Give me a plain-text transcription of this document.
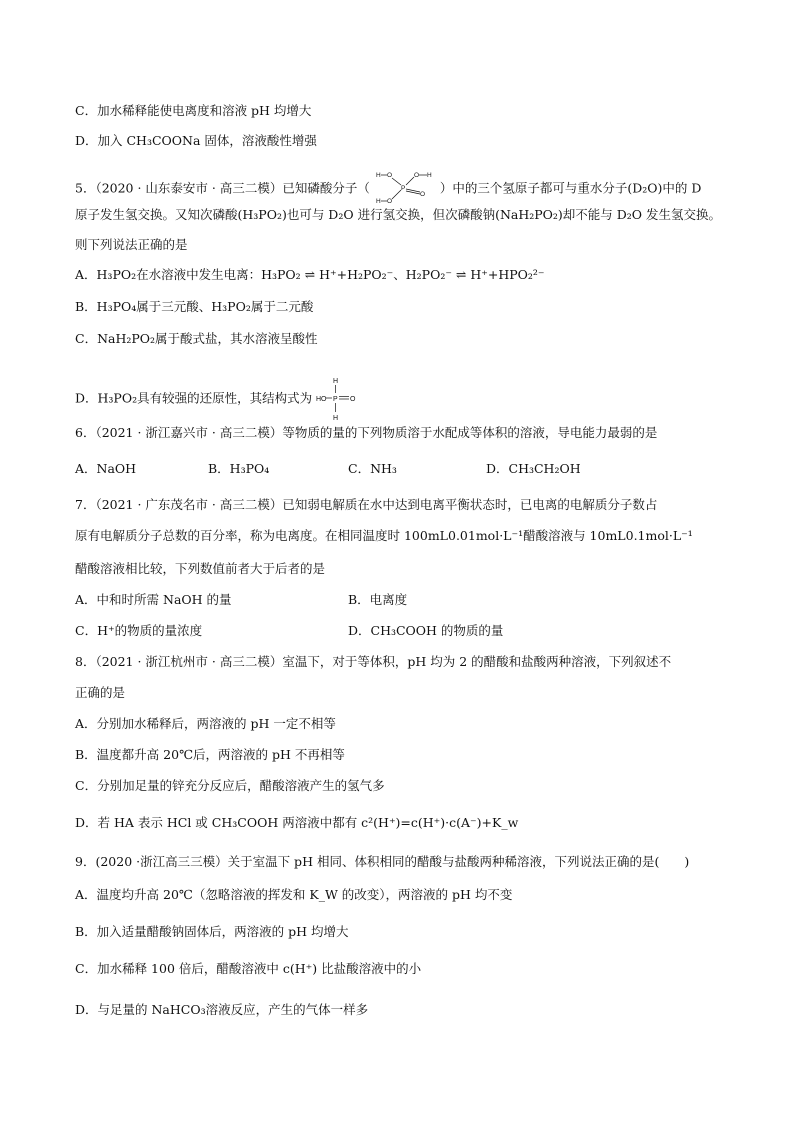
C．加水稀释能使电离度和溶液 pH 均增大
D．加入 CH₃COONa 固体，溶液酸性增强
5．（2020 · 山东泰安市 · 高三二模）已知磷酸分子（
H O	O H
P
H O
O ）中的三个氢原子都可与重水分子(D₂O)中的 D
原子发生氢交换。又知次磷酸(H₃PO₂)也可与 D₂O 进行氢交换，但次磷酸钠(NaH₂PO₂)却不能与 D₂O 发生氢交换。
则下列说法正确的是
A．H₃PO₂在水溶液中发生电离：H₃PO₂ ⇌ H⁺+H₂PO₂⁻、H₂PO₂⁻ ⇌ H⁺+HPO₂²⁻
B．H₃PO₄属于三元酸、H₃PO₂属于二元酸
C．NaH₂PO₂属于酸式盐，其水溶液呈酸性
D．H₃PO₂具有较强的还原性，其结构式为
H
HO P O
H
6．（2021 · 浙江嘉兴市 · 高三二模）等物质的量的下列物质溶于水配成等体积的溶液，导电能力最弱的是
A．NaOH	B．H₃PO₄	C．NH₃	D．CH₃CH₂OH
7．（2021 · 广东茂名市 · 高三二模）已知弱电解质在水中达到电离平衡状态时，已电离的电解质分子数占
原有电解质分子总数的百分率，称为电离度。在相同温度时 100mL0.01mol·L⁻¹醋酸溶液与 10mL0.1mol·L⁻¹
醋酸溶液相比较，下列数值前者大于后者的是
A．中和时所需 NaOH 的量	B．电离度
C．H⁺的物质的量浓度	D．CH₃COOH 的物质的量
8．（2021 · 浙江杭州市 · 高三二模）室温下，对于等体积，pH 均为 2 的醋酸和盐酸两种溶液，下列叙述不
正确的是
A．分别加水稀释后，两溶液的 pH 一定不相等
B．温度都升高 20℃后，两溶液的 pH 不再相等
C．分别加足量的锌充分反应后，醋酸溶液产生的氢气多
D．若 HA 表示 HCl 或 CH₃COOH 两溶液中都有 c²(H⁺)=c(H⁺)·c(A⁻)+K_w
9．(2020 ·浙江高三三模）关于室温下 pH 相同、体积相同的醋酸与盐酸两种稀溶液，下列说法正确的是(　　)
A．温度均升高 20℃（忽略溶液的挥发和 K_W 的改变），两溶液的 pH 均不变
B．加入适量醋酸钠固体后，两溶液的 pH 均增大
C．加水稀释 100 倍后，醋酸溶液中 c(H⁺) 比盐酸溶液中的小
D．与足量的 NaHCO₃溶液反应，产生的气体一样多
